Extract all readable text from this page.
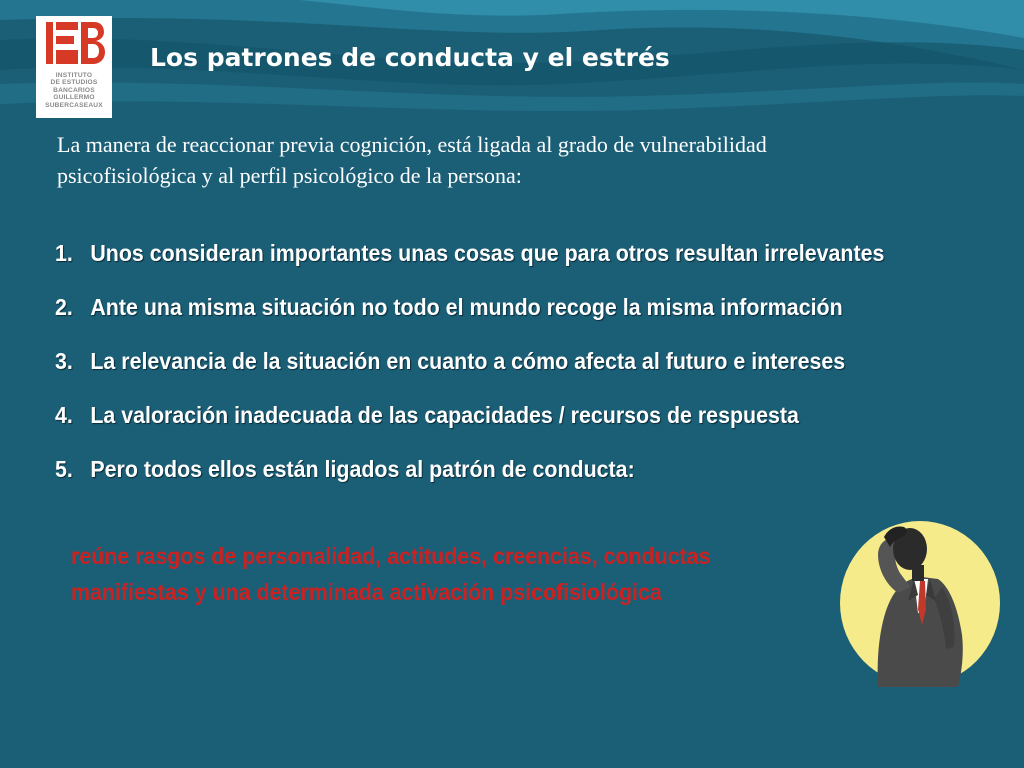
INSTITUTO
DE ESTUDIOS
BANCARIOS
GUILLERMO
SUBERCASEAUX
Los patrones de conducta y el estrés
La manera de reaccionar previa cognición, está ligada al grado de vulnerabilidad psicofisiológica y al perfil psicológico de la persona:
1. Unos consideran importantes unas cosas que para otros resultan irrelevantes
2. Ante una misma situación no todo el mundo recoge la misma información
3. La relevancia de la situación en cuanto a cómo afecta al futuro e intereses
4. La valoración inadecuada de las capacidades / recursos de respuesta
5. Pero todos ellos están ligados al patrón de conducta:
reúne rasgos de personalidad, actitudes, creencias, conductas manifiestas y una determinada activación psicofisiológica
